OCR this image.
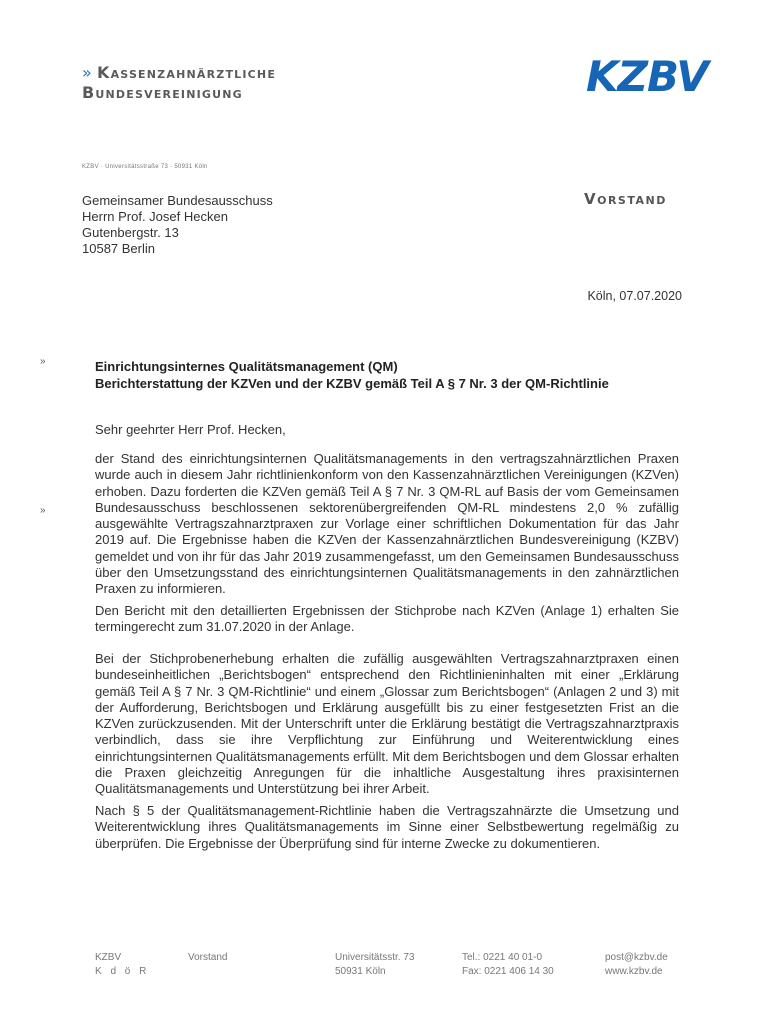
» Kassenzahnärztliche
Bundesvereinigung	KZBV
KZBV · Universitätsstraße 73 · 50931 Köln
Gemeinsamer Bundesausschuss
Herrn Prof. Josef Hecken
Gutenbergstr. 13
10587 Berlin
Vorstand
Köln, 07.07.2020
»
»
Einrichtungsinternes Qualitätsmanagement (QM)
Berichterstattung der KZVen und der KZBV gemäß Teil A § 7 Nr. 3 der QM-Richtlinie
Sehr geehrter Herr Prof. Hecken,
der Stand des einrichtungsinternen Qualitätsmanagements in den vertragszahnärztlichen Praxen wurde auch in diesem Jahr richtlinienkonform von den Kassenzahnärztlichen Vereinigungen (KZVen) erhoben. Dazu forderten die KZVen gemäß Teil A § 7 Nr. 3 QM-RL auf Basis der vom Gemeinsamen Bundesausschuss beschlossenen sektorenübergreifenden QM-RL mindestens 2,0 % zufällig ausgewählte Vertragszahnarztpraxen zur Vorlage einer schriftlichen Dokumentation für das Jahr 2019 auf. Die Ergebnisse haben die KZVen der Kassenzahnärztlichen Bundesvereinigung (KZBV) gemeldet und von ihr für das Jahr 2019 zusammengefasst, um den Gemeinsamen Bundesausschuss über den Umsetzungsstand des einrichtungsinternen Qualitätsmanagements in den zahnärztlichen Praxen zu informieren.
Den Bericht mit den detaillierten Ergebnissen der Stichprobe nach KZVen (Anlage 1) erhalten Sie termingerecht zum 31.07.2020 in der Anlage.
Bei der Stichprobenerhebung erhalten die zufällig ausgewählten Vertragszahnarztpraxen einen bundeseinheitlichen „Berichtsbogen“ entsprechend den Richtlinieninhalten mit einer „Erklärung gemäß Teil A § 7 Nr. 3 QM-Richtlinie“ und einem „Glossar zum Berichtsbogen“ (Anlagen 2 und 3) mit der Aufforderung, Berichtsbogen und Erklärung ausgefüllt bis zu einer festgesetzten Frist an die KZVen zurückzusenden. Mit der Unterschrift unter die Erklärung bestätigt die Vertragszahnarztpraxis verbindlich, dass sie ihre Verpflichtung zur Einführung und Weiterentwicklung eines einrichtungsinternen Qualitätsmanagements erfüllt. Mit dem Berichtsbogen und dem Glossar erhalten die Praxen gleichzeitig Anregungen für die inhaltliche Ausgestaltung ihres praxisinternen Qualitätsmanagements und Unterstützung bei ihrer Arbeit.
Nach § 5 der Qualitätsmanagement-Richtlinie haben die Vertragszahnärzte die Umsetzung und Weiterentwicklung ihres Qualitätsmanagements im Sinne einer Selbstbewertung regelmäßig zu überprüfen. Die Ergebnisse der Überprüfung sind für interne Zwecke zu dokumentieren.
KZBV
K d ö R
Vorstand	Universitätsstr. 73
50931 Köln
Tel.: 0221 40 01-0
Fax: 0221 406 14 30
post@kzbv.de
www.kzbv.de
